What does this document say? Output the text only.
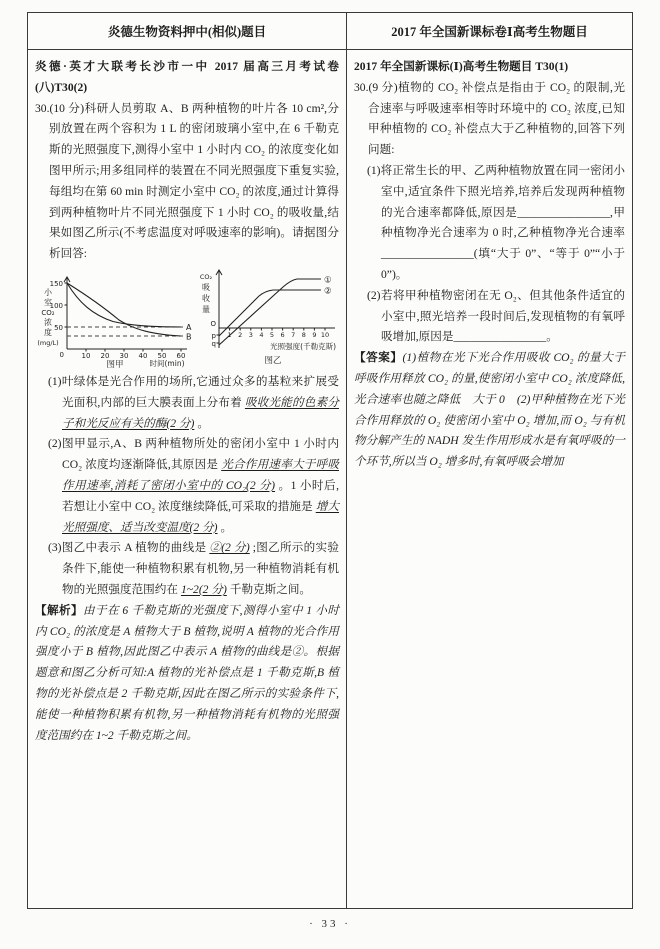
炎德生物资料押中(相似)题目	2017 年全国新课标卷Ⅰ高考生物题目
炎德·英才大联考长沙市一中 2017 届高三月考试卷(八)T30(2)
30.(10 分)科研人员剪取 A、B 两种植物的叶片各 10 cm²,分别放置在两个容积为 1 L 的密闭玻璃小室中,在 6 千勒克斯的光照强度下,测得小室中 1 小时内 CO₂ 的浓度变化如图甲所示;用多组同样的装置在不同光照强度下重复实验,每组均在第 60 min 时测定小室中 CO₂ 的浓度,通过计算得到两种植物叶片不同光照强度下 1 小时 CO₂ 的吸收量,结果如图乙所示(不考虑温度对呼吸速率的影响)。请据图分析回答:
小
室
CO₂
浓
度
(mg/L)
150
100
50
0	10 20 30 40 50 60
A
B
时间(min)
图甲
CO₂
吸
收
量
O
p
q
1 2 3 4 5 6 7 8 9 10
①
②
光照强度(千勒克斯)
图乙
(1)叶绿体是光合作用的场所,它通过众多的基粒来扩展受光面积,内部的巨大膜表面上分布着 吸收光能的色素分子和光反应有关的酶(2 分) 。
(2)图甲显示,A、B 两种植物所处的密闭小室中 1 小时内 CO₂ 浓度均逐渐降低,其原因是 光合作用速率大于呼吸作用速率,消耗了密闭小室中的 CO₂(2 分) 。1 小时后,若想让小室中 CO₂ 浓度继续降低,可采取的措施是 增大光照强度、适当改变温度(2 分) 。
(3)图乙中表示 A 植物的曲线是 ②(2 分) ;图乙所示的实验条件下,能使一种植物积累有机物,另一种植物消耗有机物的光照强度范围约在 1~2(2 分) 千勒克斯之间。
【解析】由于在 6 千勒克斯的光强度下,测得小室中 1 小时内 CO₂ 的浓度是 A 植物大于 B 植物,说明 A 植物的光合作用强度小于 B 植物,因此图乙中表示 A 植物的曲线是②。根据题意和图乙分析可知:A 植物的光补偿点是 1 千勒克斯,B 植物的光补偿点是 2 千勒克斯,因此在图乙所示的实验条件下,能使一种植物积累有机物,另一种植物消耗有机物的光照强度范围约在 1~2 千勒克斯之间。
2017 年全国新课标(Ⅰ)高考生物题目 T30(1)
30.(9 分)植物的 CO₂ 补偿点是指由于 CO₂ 的限制,光合速率与呼吸速率相等时环境中的 CO₂ 浓度,已知甲种植物的 CO₂ 补偿点大于乙种植物的,回答下列问题:
(1)将正常生长的甲、乙两种植物放置在同一密闭小室中,适宜条件下照光培养,培养后发现两种植物的光合速率都降低,原因是________________,甲种植物净光合速率为 0 时,乙种植物净光合速率________________(填“大于 0”、“等于 0”“小于 0”)。
(2)若将甲种植物密闭在无 O₂、但其他条件适宜的小室中,照光培养一段时间后,发现植物的有氧呼吸增加,原因是________________。
【答案】(1)植物在光下光合作用吸收 CO₂ 的量大于呼吸作用释放 CO₂ 的量,使密闭小室中 CO₂ 浓度降低,光合速率也随之降低　大于 0　(2)甲种植物在光下光合作用释放的 O₂ 使密闭小室中 O₂ 增加,而 O₂ 与有机物分解产生的 NADH 发生作用形成水是有氧呼吸的一个环节,所以当 O₂ 增多时,有氧呼吸会增加
· 33 ·
